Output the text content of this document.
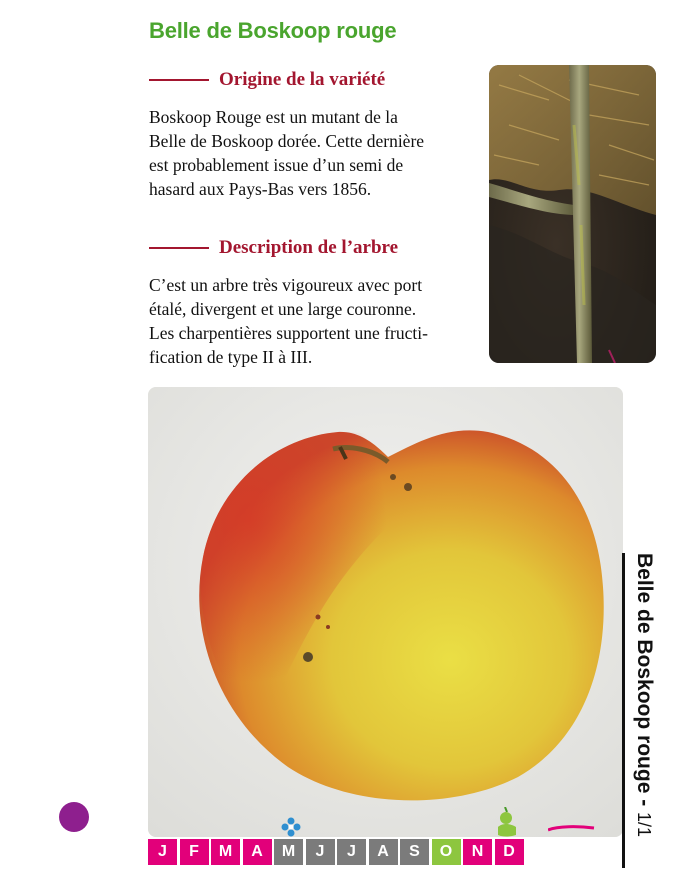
Belle de Boskoop rouge
Origine de la variété
Boskoop Rouge est un mutant de la
Belle de Boskoop dorée. Cette dernière
est probablement issue d’un semi de
hasard aux Pays-Bas vers 1856.
Description de l’arbre
C’est un arbre très vigoureux avec port
étalé, divergent et une large couronne.
Les charpentières supportent une fructi-
fication de type II à III.
Belle de Boskoop rouge - 1/1
J	F	M	A	M	J	J	A	S	O	N	D
